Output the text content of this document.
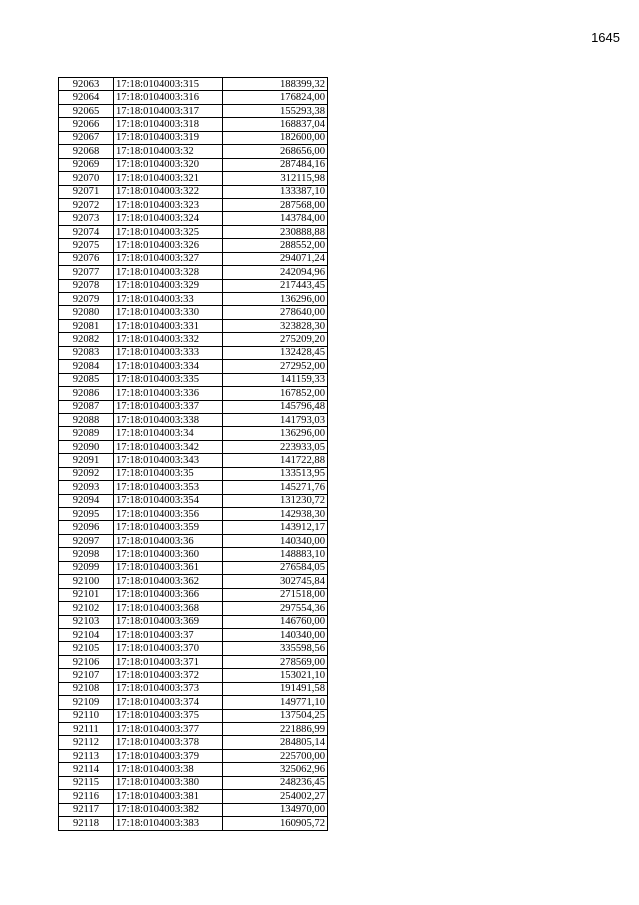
1645
92063	17:18:0104003:315	188399,32
92064	17:18:0104003:316	176824,00
92065	17:18:0104003:317	155293,38
92066	17:18:0104003:318	168837,04
92067	17:18:0104003:319	182600,00
92068	17:18:0104003:32	268656,00
92069	17:18:0104003:320	287484,16
92070	17:18:0104003:321	312115,98
92071	17:18:0104003:322	133387,10
92072	17:18:0104003:323	287568,00
92073	17:18:0104003:324	143784,00
92074	17:18:0104003:325	230888,88
92075	17:18:0104003:326	288552,00
92076	17:18:0104003:327	294071,24
92077	17:18:0104003:328	242094,96
92078	17:18:0104003:329	217443,45
92079	17:18:0104003:33	136296,00
92080	17:18:0104003:330	278640,00
92081	17:18:0104003:331	323828,30
92082	17:18:0104003:332	275209,20
92083	17:18:0104003:333	132428,45
92084	17:18:0104003:334	272952,00
92085	17:18:0104003:335	141159,33
92086	17:18:0104003:336	167852,00
92087	17:18:0104003:337	145796,48
92088	17:18:0104003:338	141793,03
92089	17:18:0104003:34	136296,00
92090	17:18:0104003:342	223933,05
92091	17:18:0104003:343	141722,88
92092	17:18:0104003:35	133513,95
92093	17:18:0104003:353	145271,76
92094	17:18:0104003:354	131230,72
92095	17:18:0104003:356	142938,30
92096	17:18:0104003:359	143912,17
92097	17:18:0104003:36	140340,00
92098	17:18:0104003:360	148883,10
92099	17:18:0104003:361	276584,05
92100	17:18:0104003:362	302745,84
92101	17:18:0104003:366	271518,00
92102	17:18:0104003:368	297554,36
92103	17:18:0104003:369	146760,00
92104	17:18:0104003:37	140340,00
92105	17:18:0104003:370	335598,56
92106	17:18:0104003:371	278569,00
92107	17:18:0104003:372	153021,10
92108	17:18:0104003:373	191491,58
92109	17:18:0104003:374	149771,10
92110	17:18:0104003:375	137504,25
92111	17:18:0104003:377	221886,99
92112	17:18:0104003:378	284805,14
92113	17:18:0104003:379	225700,00
92114	17:18:0104003:38	325062,96
92115	17:18:0104003:380	248236,45
92116	17:18:0104003:381	254002,27
92117	17:18:0104003:382	134970,00
92118	17:18:0104003:383	160905,72
